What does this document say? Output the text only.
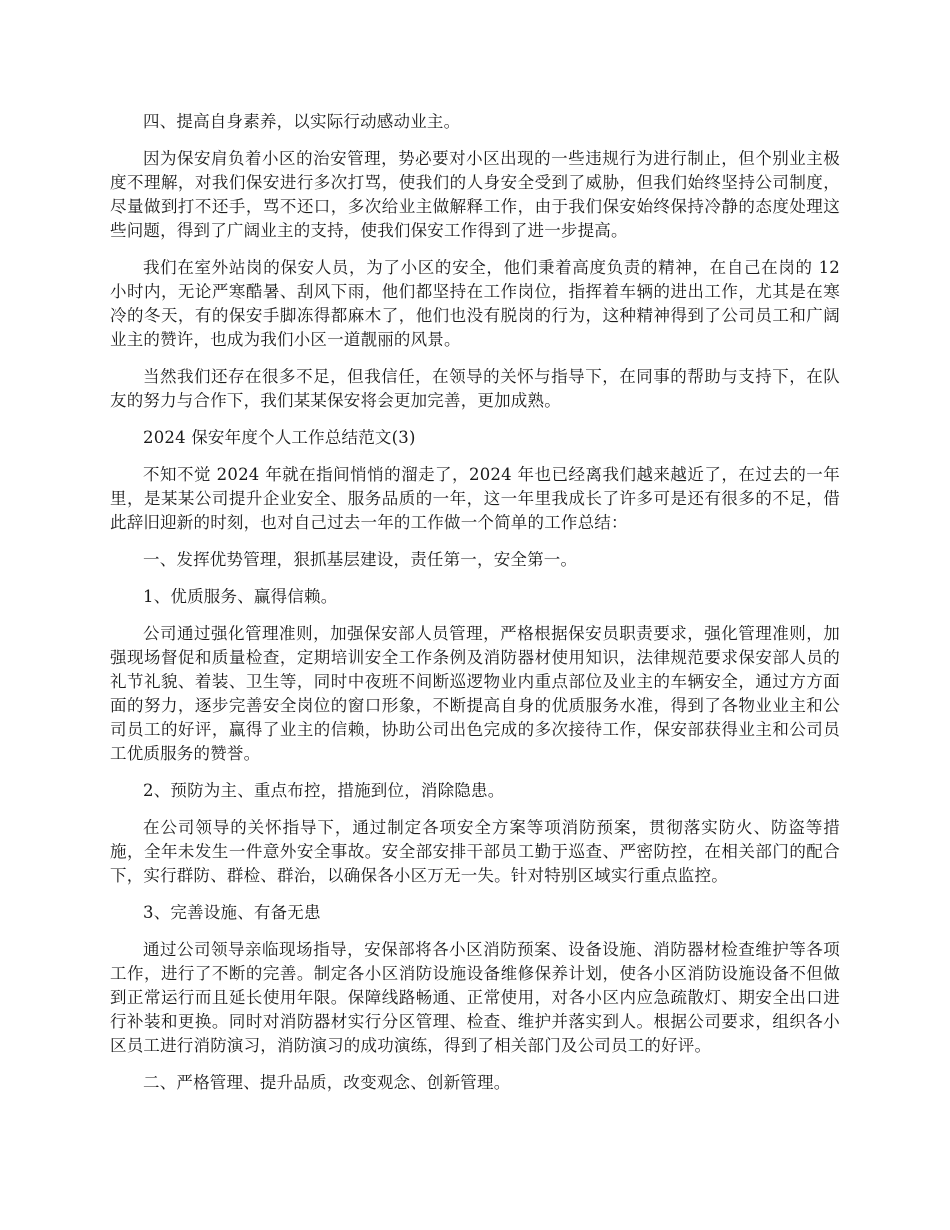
四、提高自身素养，以实际行动感动业主。

因为保安肩负着小区的治安管理，势必要对小区出现的一些违规行为进行制止，但个别业主极度不理解，对我们保安进行多次打骂，使我们的人身安全受到了威胁，但我们始终坚持公司制度，尽量做到打不还手，骂不还口，多次给业主做解释工作，由于我们保安始终保持冷静的态度处理这些问题，得到了广阔业主的支持，使我们保安工作得到了进一步提高。

我们在室外站岗的保安人员，为了小区的安全，他们秉着高度负责的精神，在自己在岗的 12 小时内，无论严寒酷暑、刮风下雨，他们都坚持在工作岗位，指挥着车辆的进出工作，尤其是在寒冷的冬天，有的保安手脚冻得都麻木了，他们也没有脱岗的行为，这种精神得到了公司员工和广阔业主的赞许，也成为我们小区一道靓丽的风景。

当然我们还存在很多不足，但我信任，在领导的关怀与指导下，在同事的帮助与支持下，在队友的努力与合作下，我们某某保安将会更加完善，更加成熟。

2024 保安年度个人工作总结范文(3)

不知不觉 2024 年就在指间悄悄的溜走了，2024 年也已经离我们越来越近了，在过去的一年里，是某某公司提升企业安全、服务品质的一年，这一年里我成长了许多可是还有很多的不足，借此辞旧迎新的时刻，也对自己过去一年的工作做一个简单的工作总结：

一、发挥优势管理，狠抓基层建设，责任第一，安全第一。

1、优质服务、赢得信赖。

公司通过强化管理准则，加强保安部人员管理，严格根据保安员职责要求，强化管理准则，加强现场督促和质量检查，定期培训安全工作条例及消防器材使用知识，法律规范要求保安部人员的礼节礼貌、着装、卫生等，同时中夜班不间断巡逻物业内重点部位及业主的车辆安全，通过方方面面的努力，逐步完善安全岗位的窗口形象，不断提高自身的优质服务水准，得到了各物业业主和公司员工的好评，赢得了业主的信赖，协助公司出色完成的多次接待工作，保安部获得业主和公司员工优质服务的赞誉。

2、预防为主、重点布控，措施到位，消除隐患。

在公司领导的关怀指导下，通过制定各项安全方案等项消防预案，贯彻落实防火、防盗等措施，全年未发生一件意外安全事故。安全部安排干部员工勤于巡查、严密防控，在相关部门的配合下，实行群防、群检、群治，以确保各小区万无一失。针对特别区域实行重点监控。

3、完善设施、有备无患

通过公司领导亲临现场指导，安保部将各小区消防预案、设备设施、消防器材检查维护等各项工作，进行了不断的完善。制定各小区消防设施设备维修保养计划，使各小区消防设施设备不但做到正常运行而且延长使用年限。保障线路畅通、正常使用，对各小区内应急疏散灯、期安全出口进行补装和更换。同时对消防器材实行分区管理、检查、维护并落实到人。根据公司要求，组织各小区员工进行消防演习，消防演习的成功演练，得到了相关部门及公司员工的好评。

二、严格管理、提升品质，改变观念、创新管理。
